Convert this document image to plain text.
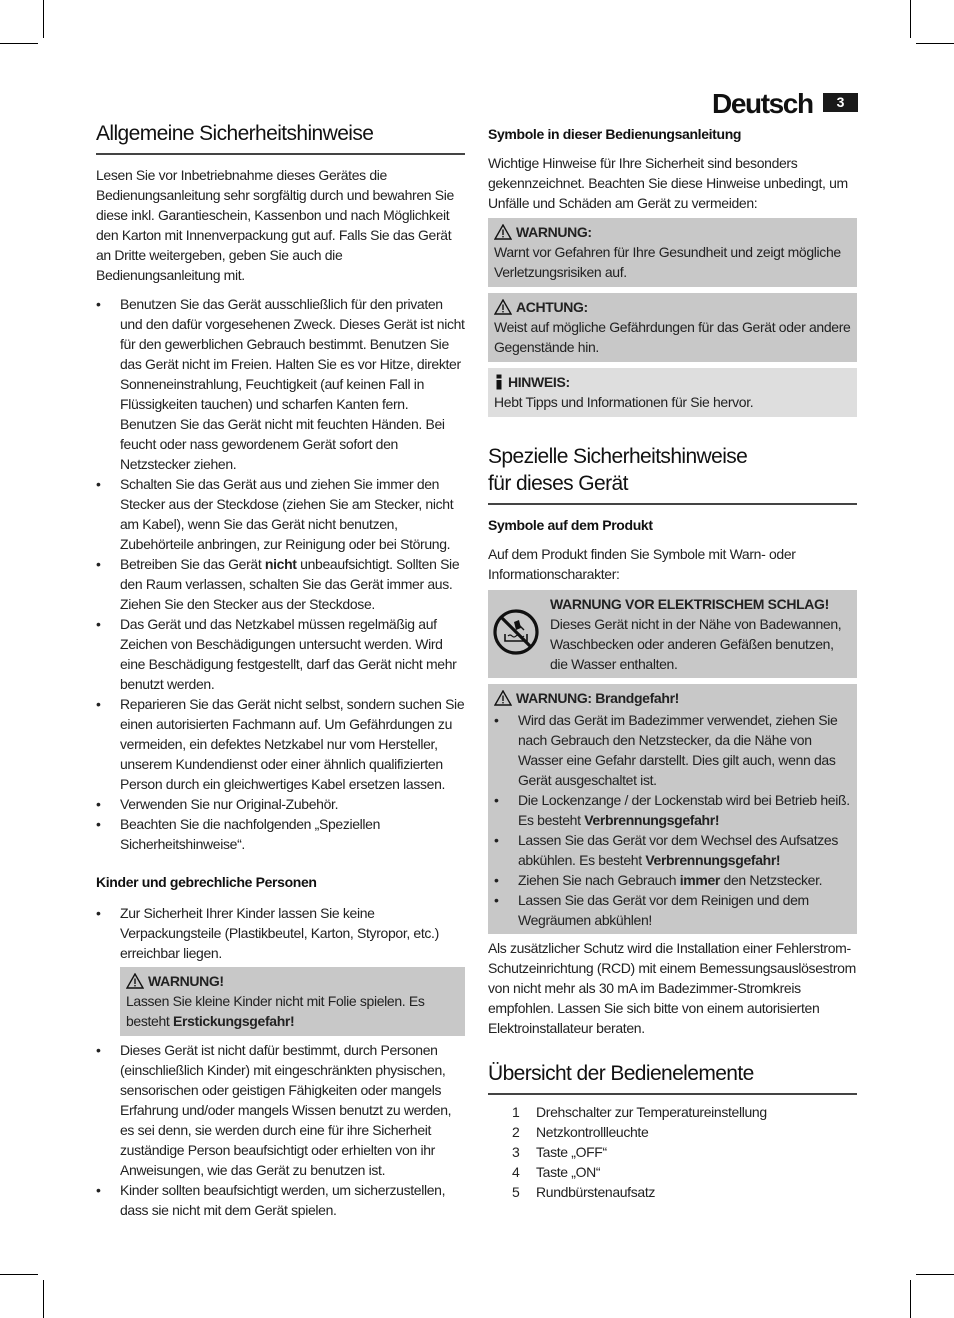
Deutsch	3
Allgemeine Sicherheitshinweise

Lesen Sie vor Inbetriebnahme dieses Gerätes die Bedienungsanleitung sehr sorgfältig durch und bewahren Sie diese inkl. Garantieschein, Kassenbon und nach Möglichkeit den Karton mit Innenverpackung gut auf. Falls Sie das Gerät an Dritte weitergeben, geben Sie auch die Bedienungsanleitung mit.

• Benutzen Sie das Gerät ausschließlich für den privaten und den dafür vorgesehenen Zweck. Dieses Gerät ist nicht für den gewerblichen Gebrauch bestimmt. Benutzen Sie das Gerät nicht im Freien. Halten Sie es vor Hitze, direkter Sonneneinstrahlung, Feuchtigkeit (auf keinen Fall in Flüssigkeiten tauchen) und scharfen Kanten fern. Benutzen Sie das Gerät nicht mit feuchten Händen. Bei feucht oder nass gewordenem Gerät sofort den Netzstecker ziehen.
• Schalten Sie das Gerät aus und ziehen Sie immer den Stecker aus der Steckdose (ziehen Sie am Stecker, nicht am Kabel), wenn Sie das Gerät nicht benutzen, Zubehörteile anbringen, zur Reinigung oder bei Störung.
• Betreiben Sie das Gerät nicht unbeaufsichtigt. Sollten Sie den Raum verlassen, schalten Sie das Gerät immer aus. Ziehen Sie den Stecker aus der Steckdose.
• Das Gerät und das Netzkabel müssen regelmäßig auf Zeichen von Beschädigungen untersucht werden. Wird eine Beschädigung festgestellt, darf das Gerät nicht mehr benutzt werden.
• Reparieren Sie das Gerät nicht selbst, sondern suchen Sie einen autorisierten Fachmann auf. Um Gefährdungen zu vermeiden, ein defektes Netzkabel nur vom Hersteller, unserem Kundendienst oder einer ähnlich qualifizierten Person durch ein gleichwertiges Kabel ersetzen lassen.
• Verwenden Sie nur Original-Zubehör.
• Beachten Sie die nachfolgenden „Speziellen Sicherheitshinweise“.
Kinder und gebrechliche Personen
• Zur Sicherheit Ihrer Kinder lassen Sie keine Verpackungsteile (Plastikbeutel, Karton, Styropor, etc.) erreichbar liegen.
WARNUNG!
Lassen Sie kleine Kinder nicht mit Folie spielen. Es besteht Erstickungsgefahr!
• Dieses Gerät ist nicht dafür bestimmt, durch Personen (einschließlich Kinder) mit eingeschränkten physischen, sensorischen oder geistigen Fähigkeiten oder mangels Erfahrung und/oder mangels Wissen benutzt zu werden, es sei denn, sie werden durch eine für ihre Sicherheit zuständige Person beaufsichtigt oder erhielten von ihr Anweisungen, wie das Gerät zu benutzen ist.
• Kinder sollten beaufsichtigt werden, um sicherzustellen, dass sie nicht mit dem Gerät spielen.
Symbole in dieser Bedienungsanleitung

Wichtige Hinweise für Ihre Sicherheit sind besonders gekennzeichnet. Beachten Sie diese Hinweise unbedingt, um Unfälle und Schäden am Gerät zu vermeiden:

WARNUNG:
Warnt vor Gefahren für Ihre Gesundheit und zeigt mögliche Verletzungsrisiken auf.
ACHTUNG:
Weist auf mögliche Gefährdungen für das Gerät oder andere Gegenstände hin.
HINWEIS:
Hebt Tipps und Informationen für Sie hervor.
Spezielle Sicherheitshinweise
für dieses Gerät
Symbole auf dem Produkt

Auf dem Produkt finden Sie Symbole mit Warn- oder Informationscharakter:

WARNUNG VOR ELEKTRISCHEM SCHLAG!
Dieses Gerät nicht in der Nähe von Badewannen, Waschbecken oder anderen Gefäßen benutzen, die Wasser enthalten.
WARNUNG: Brandgefahr!
• Wird das Gerät im Badezimmer verwendet, ziehen Sie nach Gebrauch den Netzstecker, da die Nähe von Wasser eine Gefahr darstellt. Dies gilt auch, wenn das Gerät ausgeschaltet ist.
• Die Lockenzange / der Lockenstab wird bei Betrieb heiß. Es besteht Verbrennungsgefahr!
• Lassen Sie das Gerät vor dem Wechsel des Aufsatzes abkühlen. Es besteht Verbrennungsgefahr!
• Ziehen Sie nach Gebrauch immer den Netzstecker.
• Lassen Sie das Gerät vor dem Reinigen und dem Wegräumen abkühlen!

Als zusätzlicher Schutz wird die Installation einer Fehlerstrom-Schutzeinrichtung (RCD) mit einem Bemessungsauslösestrom von nicht mehr als 30 mA im Badezimmer-Stromkreis empfohlen. Lassen Sie sich bitte von einem autorisierten Elektroinstallateur beraten.

Übersicht der Bedienelemente
1	Drehschalter zur Temperatureinstellung
2	Netzkontrollleuchte
3	Taste „OFF“
4	Taste „ON“
5	Rundbürstenaufsatz
